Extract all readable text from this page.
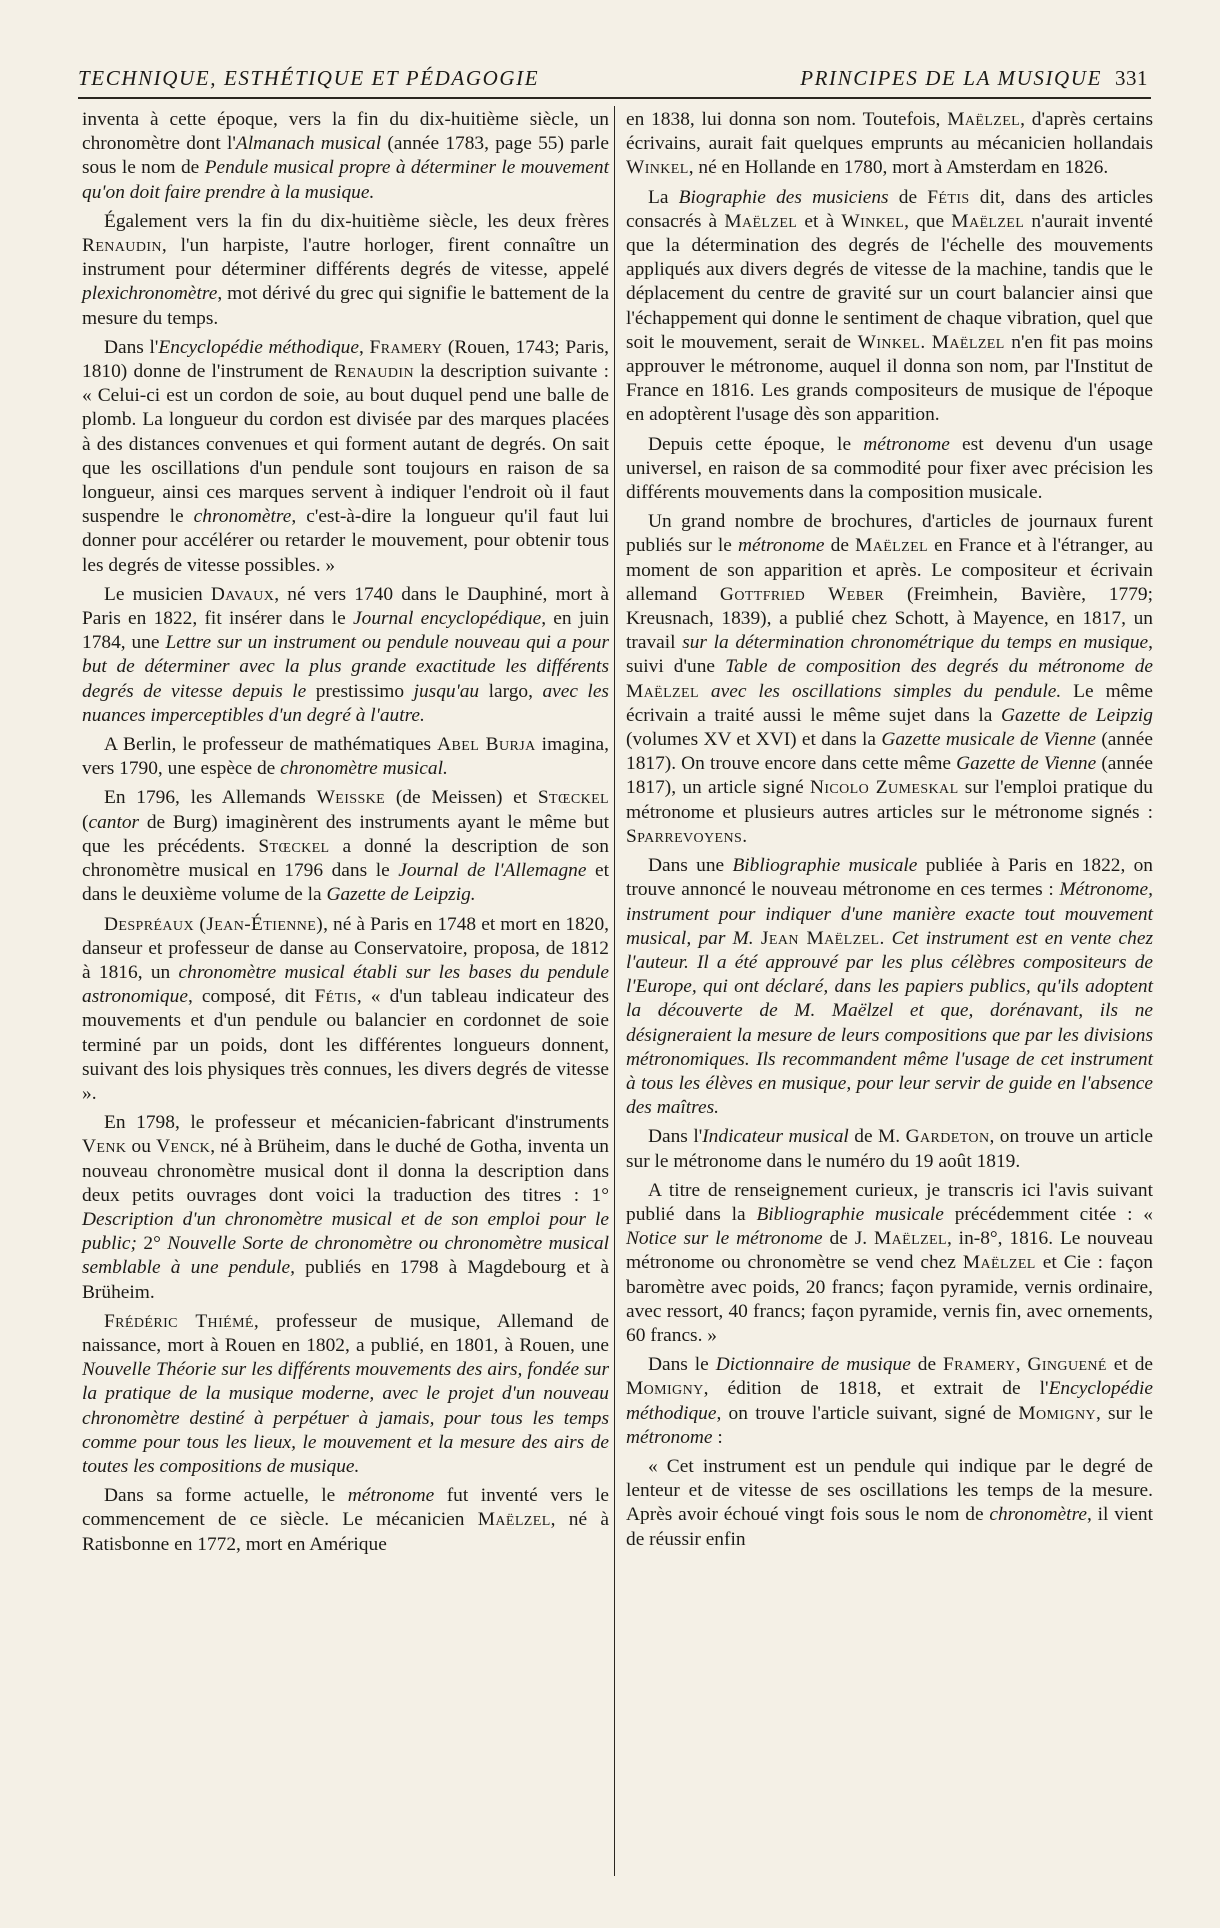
TECHNIQUE, ESTHÉTIQUE ET PÉDAGOGIE	PRINCIPES DE LA MUSIQUE 331

inventa à cette époque, vers la fin du dix-huitième siècle, un chronomètre dont l'Almanach musical (année 1783, page 55) parle sous le nom de Pendule musical propre à déterminer le mouvement qu'on doit faire prendre à la musique.

Également vers la fin du dix-huitième siècle, les deux frères Renaudin, l'un harpiste, l'autre horloger, firent connaître un instrument pour déterminer différents degrés de vitesse, appelé plexichronomètre, mot dérivé du grec qui signifie le battement de la mesure du temps.

Dans l'Encyclopédie méthodique, Framery (Rouen, 1743; Paris, 1810) donne de l'instrument de Renaudin la description suivante : « Celui-ci est un cordon de soie, au bout duquel pend une balle de plomb. La longueur du cordon est divisée par des marques placées à des distances convenues et qui forment autant de degrés. On sait que les oscillations d'un pendule sont toujours en raison de sa longueur, ainsi ces marques servent à indiquer l'endroit où il faut suspendre le chronomètre, c'est-à-dire la longueur qu'il faut lui donner pour accélérer ou retarder le mouvement, pour obtenir tous les degrés de vitesse possibles. »

Le musicien Davaux, né vers 1740 dans le Dauphiné, mort à Paris en 1822, fit insérer dans le Journal encyclopédique, en juin 1784, une Lettre sur un instrument ou pendule nouveau qui a pour but de déterminer avec la plus grande exactitude les différents degrés de vitesse depuis le prestissimo jusqu'au largo, avec les nuances imperceptibles d'un degré à l'autre.

A Berlin, le professeur de mathématiques Abel Burja imagina, vers 1790, une espèce de chronomètre musical.

En 1796, les Allemands Weisske (de Meissen) et Stœckel (cantor de Burg) imaginèrent des instruments ayant le même but que les précédents. Stœckel a donné la description de son chronomètre musical en 1796 dans le Journal de l'Allemagne et dans le deuxième volume de la Gazette de Leipzig.

Despréaux (Jean-Étienne), né à Paris en 1748 et mort en 1820, danseur et professeur de danse au Conservatoire, proposa, de 1812 à 1816, un chronomètre musical établi sur les bases du pendule astronomique, composé, dit Fétis, « d'un tableau indicateur des mouvements et d'un pendule ou balancier en cordonnet de soie terminé par un poids, dont les différentes longueurs donnent, suivant des lois physiques très connues, les divers degrés de vitesse ».

En 1798, le professeur et mécanicien-fabricant d'instruments Venk ou Venck, né à Brüheim, dans le duché de Gotha, inventa un nouveau chronomètre musical dont il donna la description dans deux petits ouvrages dont voici la traduction des titres : 1° Description d'un chronomètre musical et de son emploi pour le public; 2° Nouvelle Sorte de chronomètre ou chronomètre musical semblable à une pendule, publiés en 1798 à Magdebourg et à Brüheim.

Frédéric Thiémé, professeur de musique, Allemand de naissance, mort à Rouen en 1802, a publié, en 1801, à Rouen, une Nouvelle Théorie sur les différents mouvements des airs, fondée sur la pratique de la musique moderne, avec le projet d'un nouveau chronomètre destiné à perpétuer à jamais, pour tous les temps comme pour tous les lieux, le mouvement et la mesure des airs de toutes les compositions de musique.

Dans sa forme actuelle, le métronome fut inventé vers le commencement de ce siècle. Le mécanicien Maëlzel, né à Ratisbonne en 1772, mort en Amérique

en 1838, lui donna son nom. Toutefois, Maëlzel, d'après certains écrivains, aurait fait quelques emprunts au mécanicien hollandais Winkel, né en Hollande en 1780, mort à Amsterdam en 1826.

La Biographie des musiciens de Fétis dit, dans des articles consacrés à Maëlzel et à Winkel, que Maëlzel n'aurait inventé que la détermination des degrés de l'échelle des mouvements appliqués aux divers degrés de vitesse de la machine, tandis que le déplacement du centre de gravité sur un court balancier ainsi que l'échappement qui donne le sentiment de chaque vibration, quel que soit le mouvement, serait de Winkel. Maëlzel n'en fit pas moins approuver le métronome, auquel il donna son nom, par l'Institut de France en 1816. Les grands compositeurs de musique de l'époque en adoptèrent l'usage dès son apparition.

Depuis cette époque, le métronome est devenu d'un usage universel, en raison de sa commodité pour fixer avec précision les différents mouvements dans la composition musicale.

Un grand nombre de brochures, d'articles de journaux furent publiés sur le métronome de Maëlzel en France et à l'étranger, au moment de son apparition et après. Le compositeur et écrivain allemand Gottfried Weber (Freimhein, Bavière, 1779; Kreusnach, 1839), a publié chez Schott, à Mayence, en 1817, un travail sur la détermination chronométrique du temps en musique, suivi d'une Table de composition des degrés du métronome de Maëlzel avec les oscillations simples du pendule. Le même écrivain a traité aussi le même sujet dans la Gazette de Leipzig (volumes XV et XVI) et dans la Gazette musicale de Vienne (année 1817). On trouve encore dans cette même Gazette de Vienne (année 1817), un article signé Nicolo Zumeskal sur l'emploi pratique du métronome et plusieurs autres articles sur le métronome signés : Sparrevoyens.

Dans une Bibliographie musicale publiée à Paris en 1822, on trouve annoncé le nouveau métronome en ces termes : Métronome, instrument pour indiquer d'une manière exacte tout mouvement musical, par M. Jean Maëlzel. Cet instrument est en vente chez l'auteur. Il a été approuvé par les plus célèbres compositeurs de l'Europe, qui ont déclaré, dans les papiers publics, qu'ils adoptent la découverte de M. Maëlzel et que, dorénavant, ils ne désigneraient la mesure de leurs compositions que par les divisions métronomiques. Ils recommandent même l'usage de cet instrument à tous les élèves en musique, pour leur servir de guide en l'absence des maîtres.

Dans l'Indicateur musical de M. Gardeton, on trouve un article sur le métronome dans le numéro du 19 août 1819.

A titre de renseignement curieux, je transcris ici l'avis suivant publié dans la Bibliographie musicale précédemment citée : « Notice sur le métronome de J. Maëlzel, in-8°, 1816. Le nouveau métronome ou chronomètre se vend chez Maëlzel et Cie : façon baromètre avec poids, 20 francs; façon pyramide, vernis ordinaire, avec ressort, 40 francs; façon pyramide, vernis fin, avec ornements, 60 francs. »

Dans le Dictionnaire de musique de Framery, Ginguené et de Momigny, édition de 1818, et extrait de l'Encyclopédie méthodique, on trouve l'article suivant, signé de Momigny, sur le métronome :

« Cet instrument est un pendule qui indique par le degré de lenteur et de vitesse de ses oscillations les temps de la mesure. Après avoir échoué vingt fois sous le nom de chronomètre, il vient de réussir enfin
